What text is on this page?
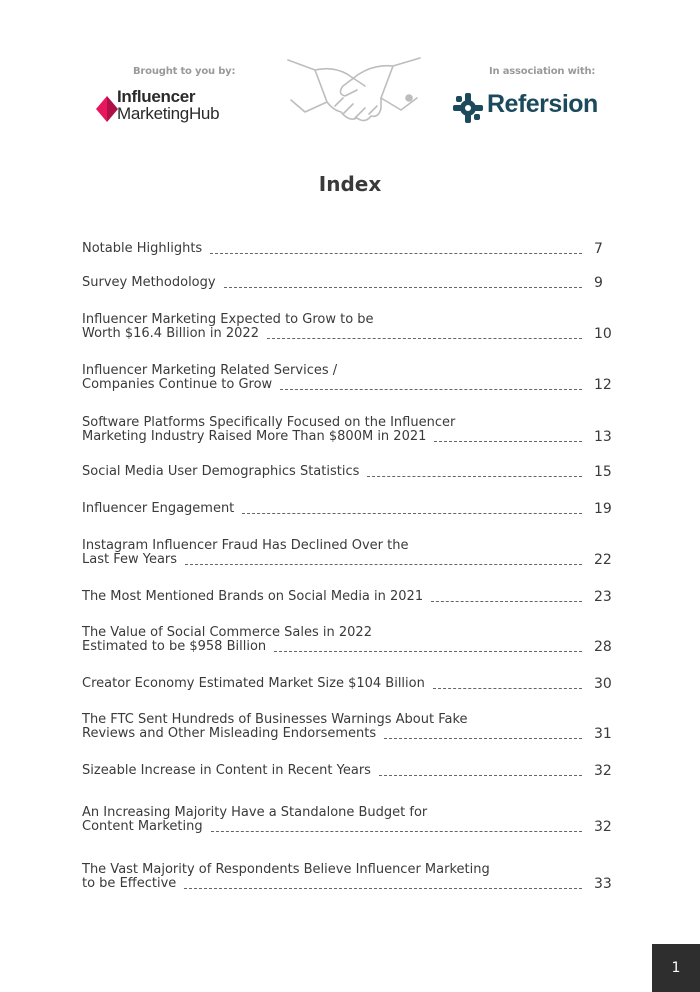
Brought to you by:
Influencer
MarketingHub
In association with:
Refersion
Index
Notable Highlights	7
Survey Methodology	9
Influencer Marketing Expected to Grow to be
Worth $16.4 Billion in 2022	10
Influencer Marketing Related Services /
Companies Continue to Grow	12
Software Platforms Specifically Focused on the Influencer
Marketing Industry Raised More Than $800M in 2021	13
Social Media User Demographics Statistics	15
Influencer Engagement	19
Instagram Influencer Fraud Has Declined Over the
Last Few Years	22
The Most Mentioned Brands on Social Media in 2021	23
The Value of Social Commerce Sales in 2022
Estimated to be $958 Billion	28
Creator Economy Estimated Market Size $104 Billion	30
The FTC Sent Hundreds of Businesses Warnings About Fake
Reviews and Other Misleading Endorsements	31
Sizeable Increase in Content in Recent Years	32
An Increasing Majority Have a Standalone Budget for
Content Marketing	32
The Vast Majority of Respondents Believe Influencer Marketing
to be Effective	33
1
